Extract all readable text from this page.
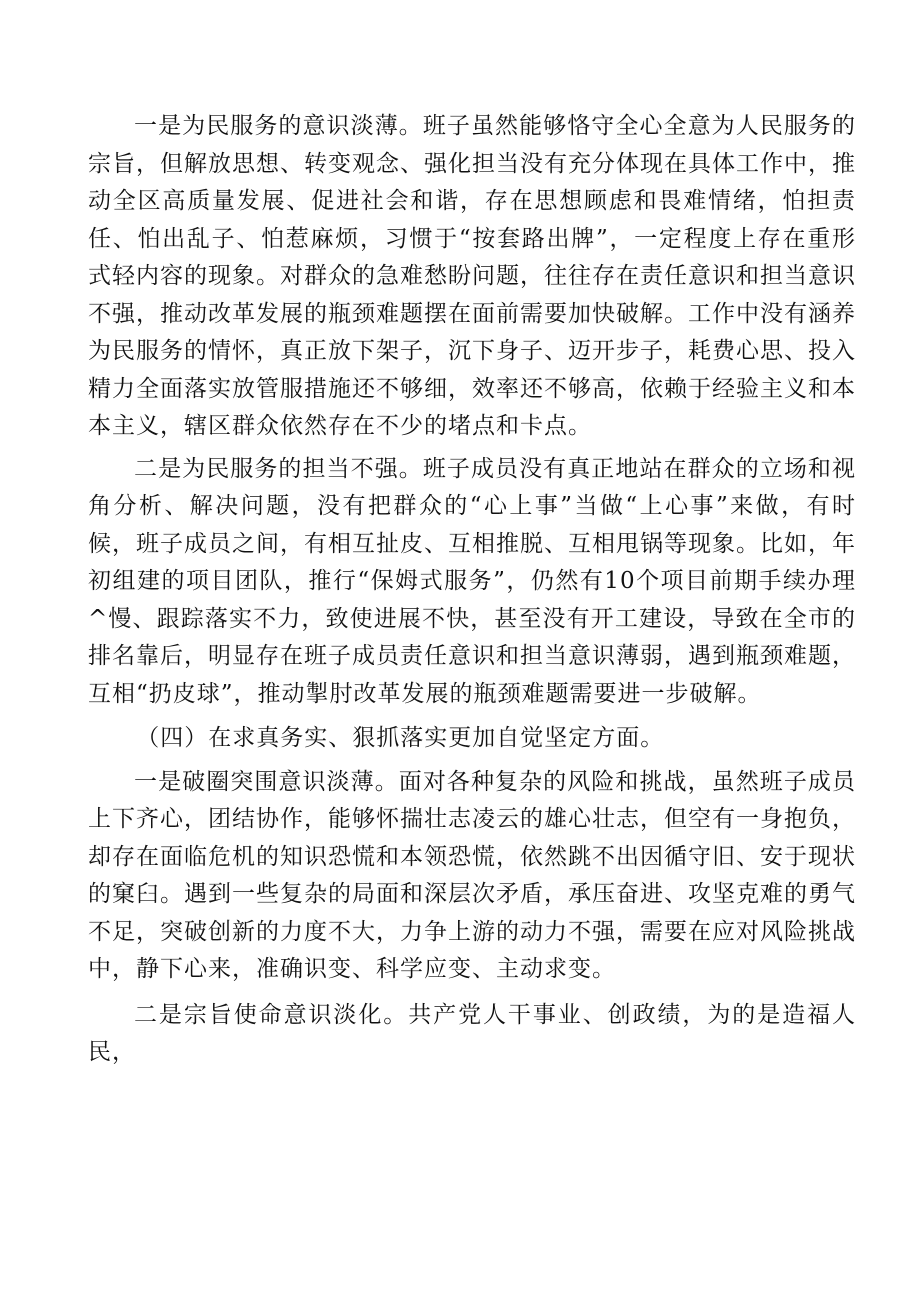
一是为民服务的意识淡薄。班子虽然能够恪守全心全意为人民服务的宗旨，但解放思想、转变观念、强化担当没有充分体现在具体工作中，推动全区高质量发展、促进社会和谐，存在思想顾虑和畏难情绪，怕担责任、怕出乱子、怕惹麻烦，习惯于“按套路出牌”，一定程度上存在重形式轻内容的现象。对群众的急难愁盼问题，往往存在责任意识和担当意识不强，推动改革发展的瓶颈难题摆在面前需要加快破解。工作中没有涵养为民服务的情怀，真正放下架子，沉下身子、迈开步子，耗费心思、投入精力全面落实放管服措施还不够细，效率还不够高，依赖于经验主义和本本主义，辖区群众依然存在不少的堵点和卡点。

二是为民服务的担当不强。班子成员没有真正地站在群众的立场和视角分析、解决问题，没有把群众的“心上事”当做“上心事”来做，有时候，班子成员之间，有相互扯皮、互相推脱、互相甩锅等现象。比如，年初组建的项目团队，推行“保姆式服务”，仍然有10个项目前期手续办理^慢、跟踪落实不力，致使进展不快，甚至没有开工建设，导致在全市的排名靠后，明显存在班子成员责任意识和担当意识薄弱，遇到瓶颈难题，互相“扔皮球”，推动掣肘改革发展的瓶颈难题需要进一步破解。

（四）在求真务实、狠抓落实更加自觉坚定方面。

一是破圈突围意识淡薄。面对各种复杂的风险和挑战，虽然班子成员上下齐心，团结协作，能够怀揣壮志凌云的雄心壮志，但空有一身抱负，却存在面临危机的知识恐慌和本领恐慌，依然跳不出因循守旧、安于现状的窠臼。遇到一些复杂的局面和深层次矛盾，承压奋进、攻坚克难的勇气不足，突破创新的力度不大，力争上游的动力不强，需要在应对风险挑战中，静下心来，准确识变、科学应变、主动求变。

二是宗旨使命意识淡化。共产党人干事业、创政绩，为的是造福人民，
